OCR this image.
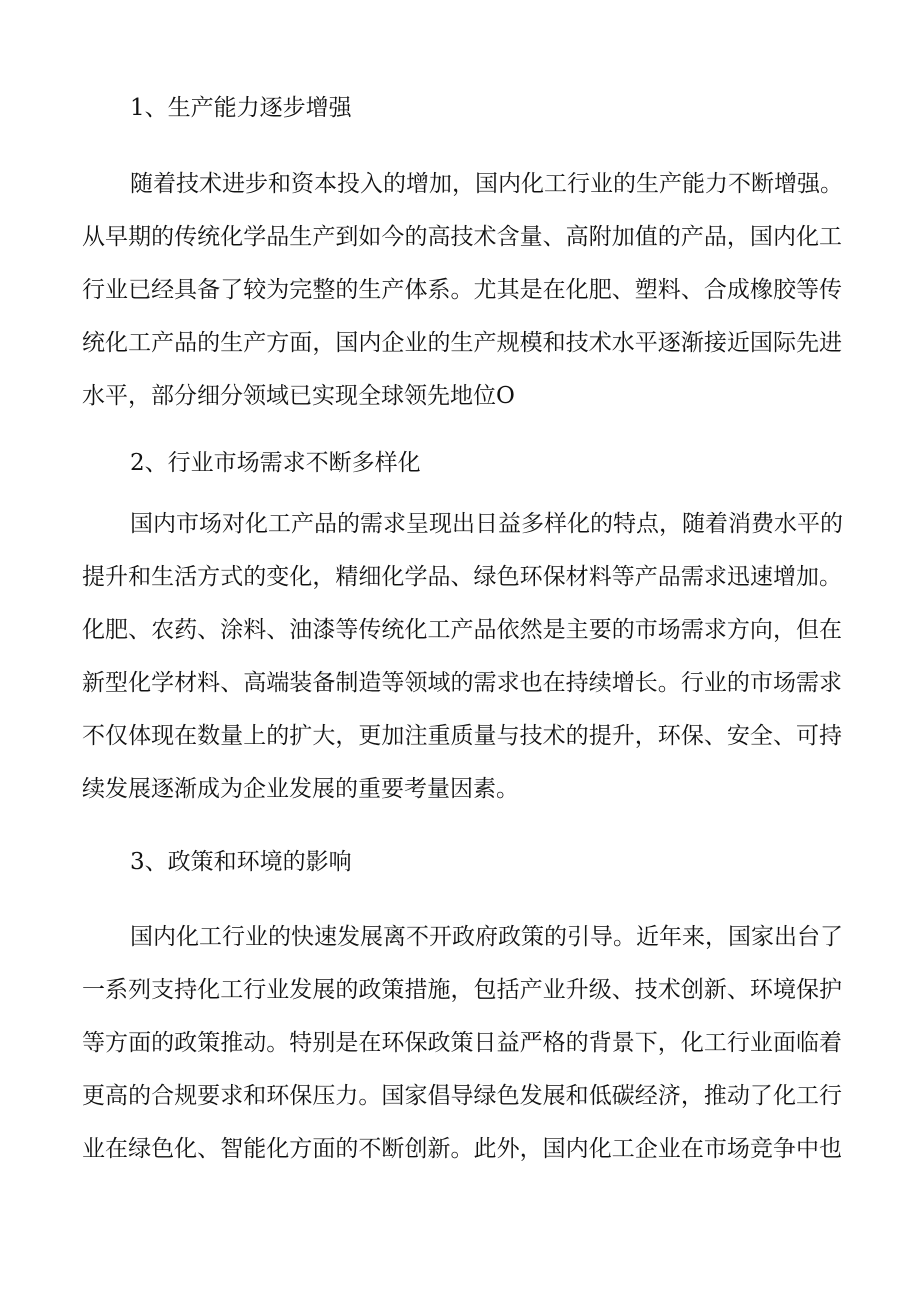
1、生产能力逐步增强
随着技术进步和资本投入的增加，国内化工行业的生产能力不断增强。
从早期的传统化学品生产到如今的高技术含量、高附加值的产品，国内化工
行业已经具备了较为完整的生产体系。尤其是在化肥、塑料、合成橡胶等传
统化工产品的生产方面，国内企业的生产规模和技术水平逐渐接近国际先进
水平，部分细分领域已实现全球领先地位O
2、行业市场需求不断多样化
国内市场对化工产品的需求呈现出日益多样化的特点，随着消费水平的
提升和生活方式的变化，精细化学品、绿色环保材料等产品需求迅速增加。
化肥、农药、涂料、油漆等传统化工产品依然是主要的市场需求方向，但在
新型化学材料、高端装备制造等领域的需求也在持续增长。行业的市场需求
不仅体现在数量上的扩大，更加注重质量与技术的提升，环保、安全、可持
续发展逐渐成为企业发展的重要考量因素。
3、政策和环境的影响
国内化工行业的快速发展离不开政府政策的引导。近年来，国家出台了
一系列支持化工行业发展的政策措施，包括产业升级、技术创新、环境保护
等方面的政策推动。特别是在环保政策日益严格的背景下，化工行业面临着
更高的合规要求和环保压力。国家倡导绿色发展和低碳经济，推动了化工行
业在绿色化、智能化方面的不断创新。此外，国内化工企业在市场竞争中也
